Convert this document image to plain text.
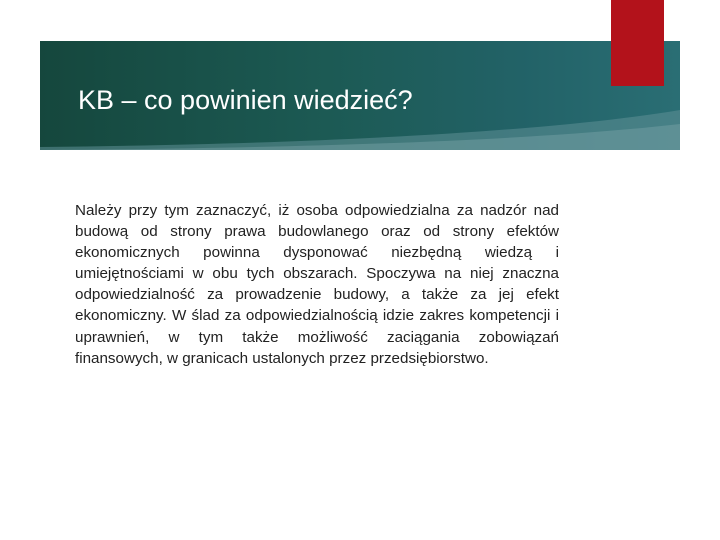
KB – co powinien wiedzieć?

Należy przy tym zaznaczyć, iż osoba odpowiedzialna za nadzór nad budową od strony prawa budowlanego oraz od strony efektów ekonomicznych powinna dysponować niezbędną wiedzą i umiejętnościami w obu tych obszarach. Spoczywa na niej znaczna odpowiedzialność za prowadzenie budowy, a także za jej efekt ekonomiczny. W ślad za odpowiedzialnością idzie zakres kompetencji i uprawnień, w tym także możliwość zaciągania zobowiązań finansowych, w granicach ustalonych przez przedsiębiorstwo.
